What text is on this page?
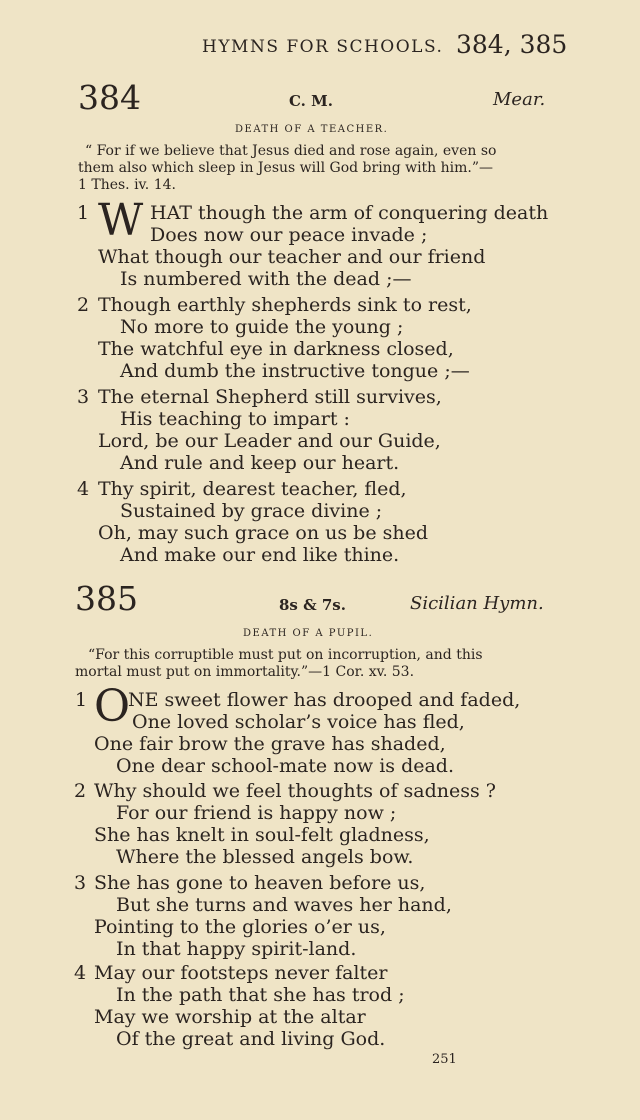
HYMNS FOR SCHOOLS. 384, 385
384	C. M.	Mear.
DEATH OF A TEACHER.
“ For if we believe that Jesus died and rose again, even so
them also which sleep in Jesus will God bring with him.”—
1 Thes. iv. 14.
1 W HAT though the arm of conquering death
Does now our peace invade ;
What though our teacher and our friend
Is numbered with the dead ;—
2 Though earthly shepherds sink to rest,
No more to guide the young ;
The watchful eye in darkness closed,
And dumb the instructive tongue ;—
3 The eternal Shepherd still survives,
His teaching to impart :
Lord, be our Leader and our Guide,
And rule and keep our heart.
4 Thy spirit, dearest teacher, fled,
Sustained by grace divine ;
Oh, may such grace on us be shed
And make our end like thine.
385	8s & 7s.	Sicilian Hymn.
DEATH OF A PUPIL.
“For this corruptible must put on incorruption, and this
mortal must put on immortality.”—1 Cor. xv. 53.
1 O
NE sweet flower has drooped and faded,
One loved scholar’s voice has fled,
One fair brow the grave has shaded,
One dear school-mate now is dead.
2 Why should we feel thoughts of sadness ?
For our friend is happy now ;
She has knelt in soul-felt gladness,
Where the blessed angels bow.
3 She has gone to heaven before us,
But she turns and waves her hand,
Pointing to the glories o’er us,
In that happy spirit-land.
4 May our footsteps never falter
In the path that she has trod ;
May we worship at the altar
Of the great and living God.
251
